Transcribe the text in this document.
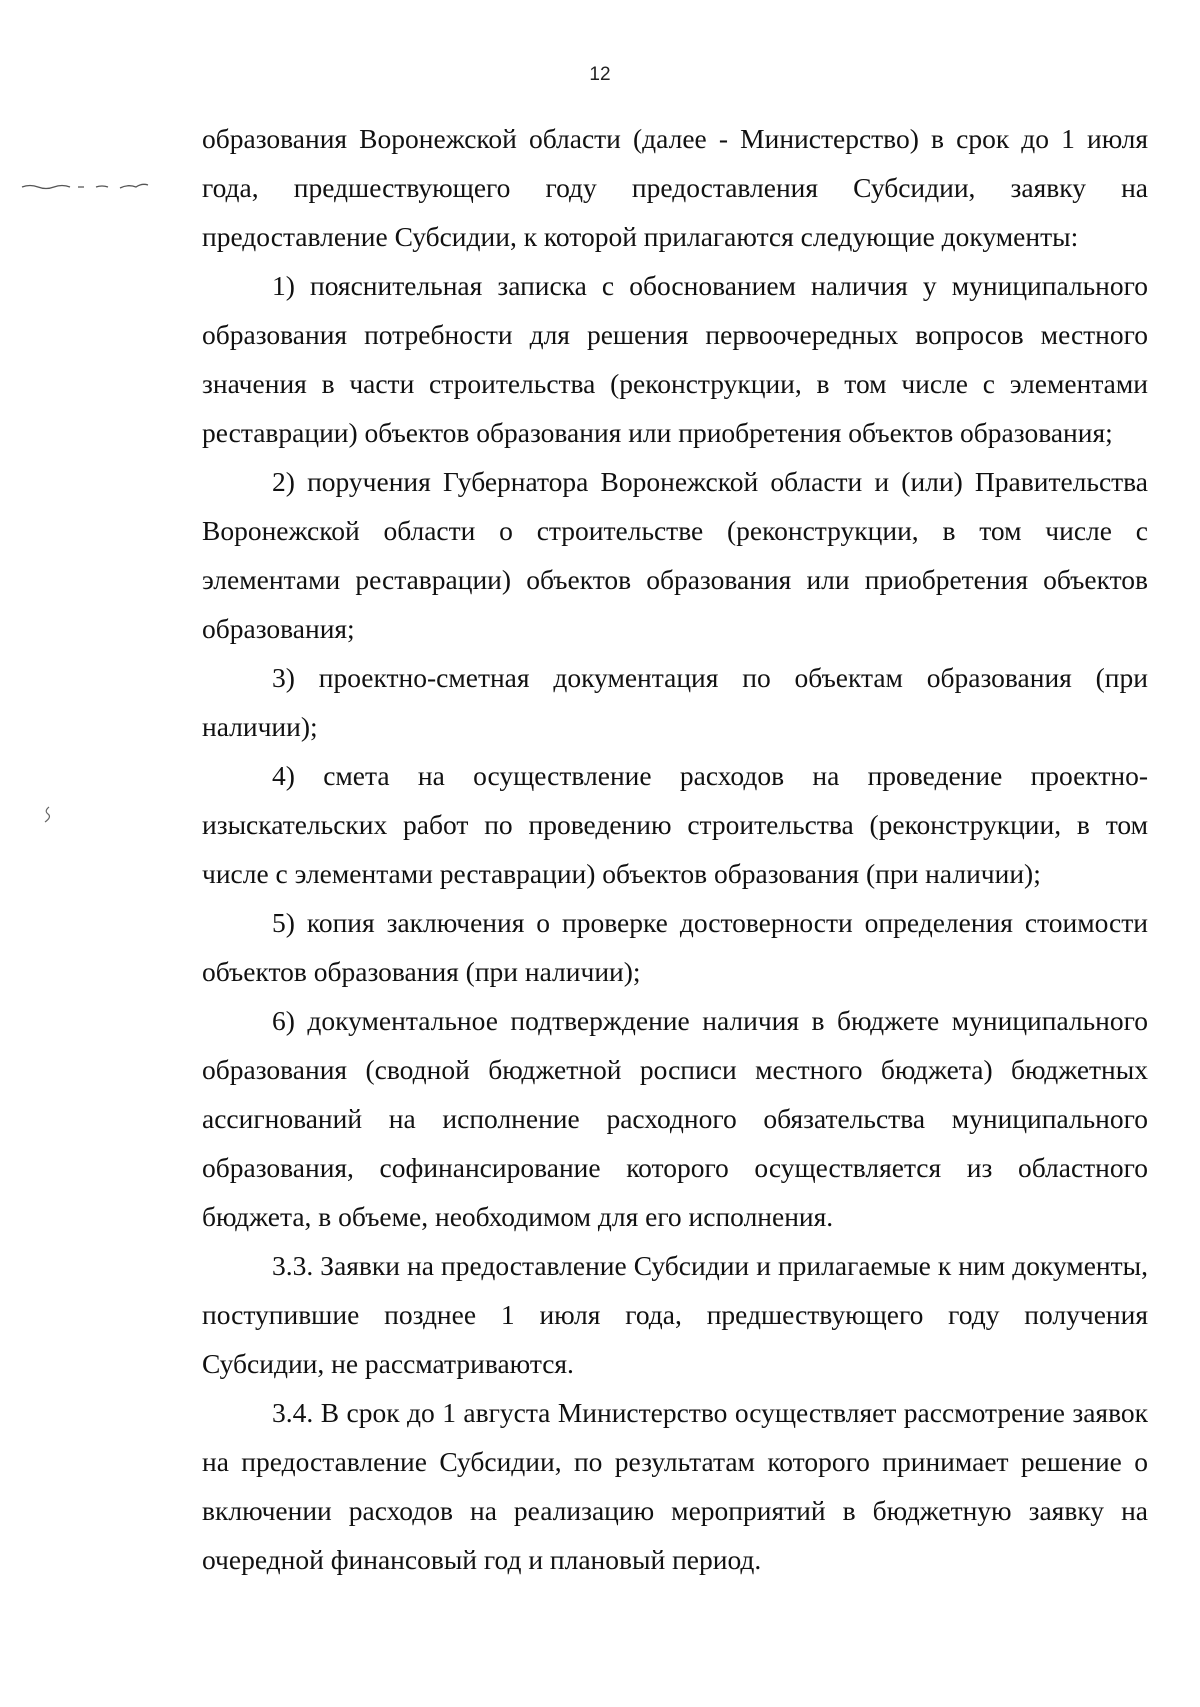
12

образования Воронежской области (далее - Министерство) в срок до 1 июля года, предшествующего году предоставления Субсидии, заявку на предоставление Субсидии, к которой прилагаются следующие документы:

1) пояснительная записка с обоснованием наличия у муниципального образования потребности для решения первоочередных вопросов местного значения в части строительства (реконструкции, в том числе с элементами реставрации) объектов образования или приобретения объектов образования;

2) поручения Губернатора Воронежской области и (или) Правительства Воронежской области о строительстве (реконструкции, в том числе с элементами реставрации) объектов образования или приобретения объектов образования;

3) проектно-сметная документация по объектам образования (при наличии);

4) смета на осуществление расходов на проведение проектно-изыскательских работ по проведению строительства (реконструкции, в том числе с элементами реставрации) объектов образования (при наличии);

5) копия заключения о проверке достоверности определения стоимости объектов образования (при наличии);

6) документальное подтверждение наличия в бюджете муниципального образования (сводной бюджетной росписи местного бюджета) бюджетных ассигнований на исполнение расходного обязательства муниципального образования, софинансирование которого осуществляется из областного бюджета, в объеме, необходимом для его исполнения.

3.3. Заявки на предоставление Субсидии и прилагаемые к ним документы, поступившие позднее 1 июля года, предшествующего году получения Субсидии, не рассматриваются.

3.4. В срок до 1 августа Министерство осуществляет рассмотрение заявок на предоставление Субсидии, по результатам которого принимает решение о включении расходов на реализацию мероприятий в бюджетную заявку на очередной финансовый год и плановый период.
